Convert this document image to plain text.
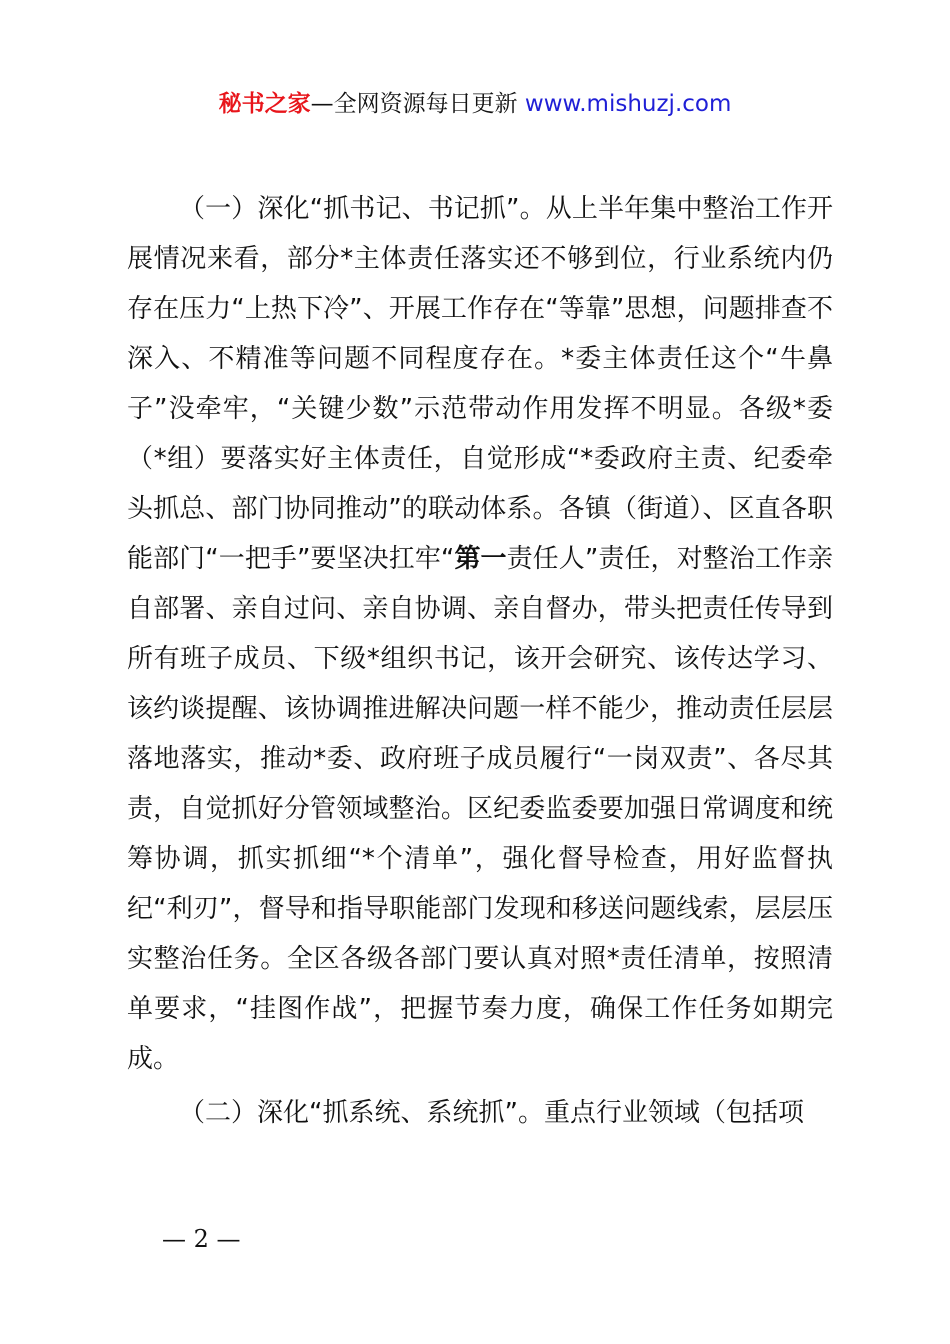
秘书之家—全网资源每日更新 www.mishuzj.com

（一）深化“抓书记、书记抓”。从上半年集中整治工作开展情况来看，部分*主体责任落实还不够到位，行业系统内仍存在压力“上热下冷”、开展工作存在“等靠”思想，问题排查不深入、不精准等问题不同程度存在。*委主体责任这个“牛鼻子”没牵牢，“关键少数”示范带动作用发挥不明显。各级*委（*组）要落实好主体责任，自觉形成“*委政府主责、纪委牵头抓总、部门协同推动”的联动体系。各镇（街道）、区直各职能部门“一把手”要坚决扛牢“第一责任人”责任，对整治工作亲自部署、亲自过问、亲自协调、亲自督办，带头把责任传导到所有班子成员、下级*组织书记，该开会研究、该传达学习、该约谈提醒、该协调推进解决问题一样不能少，推动责任层层落地落实，推动*委、政府班子成员履行“一岗双责”、各尽其责，自觉抓好分管领域整治。区纪委监委要加强日常调度和统筹协调，抓实抓细“*个清单”，强化督导检查，用好监督执纪“利刃”，督导和指导职能部门发现和移送问题线索，层层压实整治任务。全区各级各部门要认真对照*责任清单，按照清单要求，“挂图作战”，把握节奏力度，确保工作任务如期完成。

（二）深化“抓系统、系统抓”。重点行业领域（包括项

— 2 —
